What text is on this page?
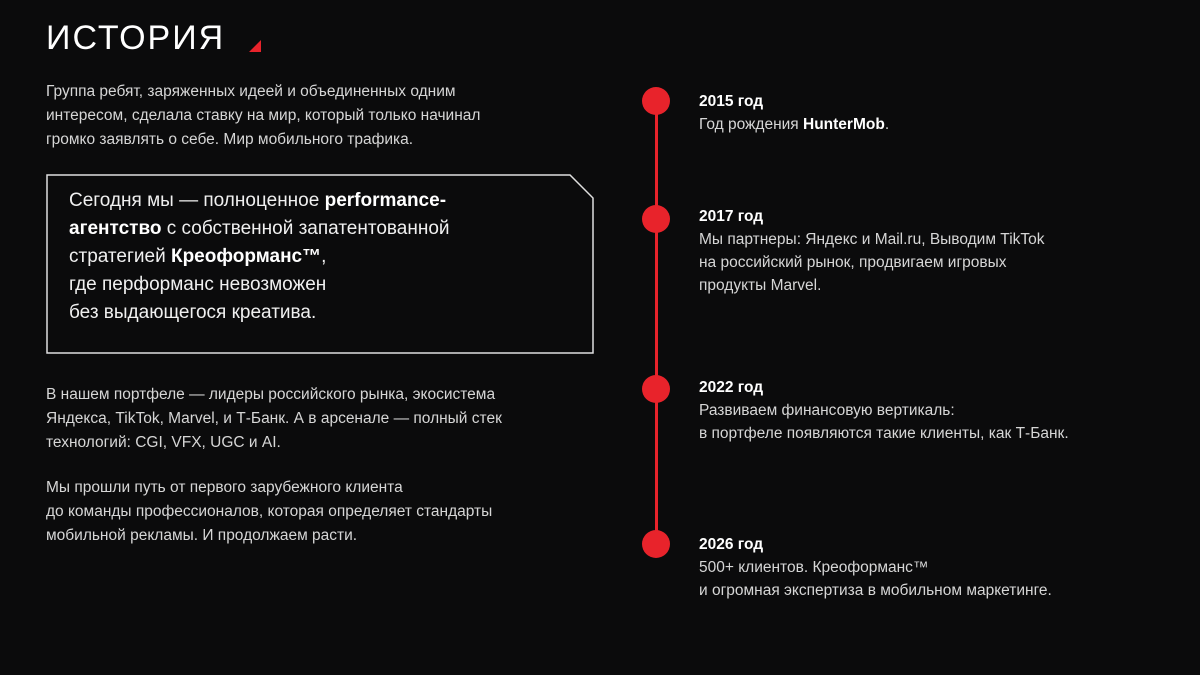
ИСТОРИЯ

Группа ребят, заряженных идеей и объединенных одним
интересом, сделала ставку на мир, который только начинал
громко заявлять о себе. Мир мобильного трафика.

Сегодня мы — полноценное performance-
агентство с собственной запатентованной
стратегией Креоформанс™,
где перформанс невозможен
без выдающегося креатива.

В нашем портфеле — лидеры российского рынка, экосистема
Яндекса, TikTok, Marvel, и Т-Банк. А в арсенале — полный стек
технологий: CGI, VFX, UGC и AI.

Мы прошли путь от первого зарубежного клиента
до команды профессионалов, которая определяет стандарты
мобильной рекламы. И продолжаем расти.

2015 год
Год рождения HunterMob.
2017 год
Мы партнеры: Яндекс и Mail.ru, Выводим TikTok
на российский рынок, продвигаем игровых
продукты Marvel.
2022 год
Развиваем финансовую вертикаль:
в портфеле появляются такие клиенты, как Т-Банк.
2026 год
500+ клиентов. Креоформанс™
и огромная экспертиза в мобильном маркетинге.
